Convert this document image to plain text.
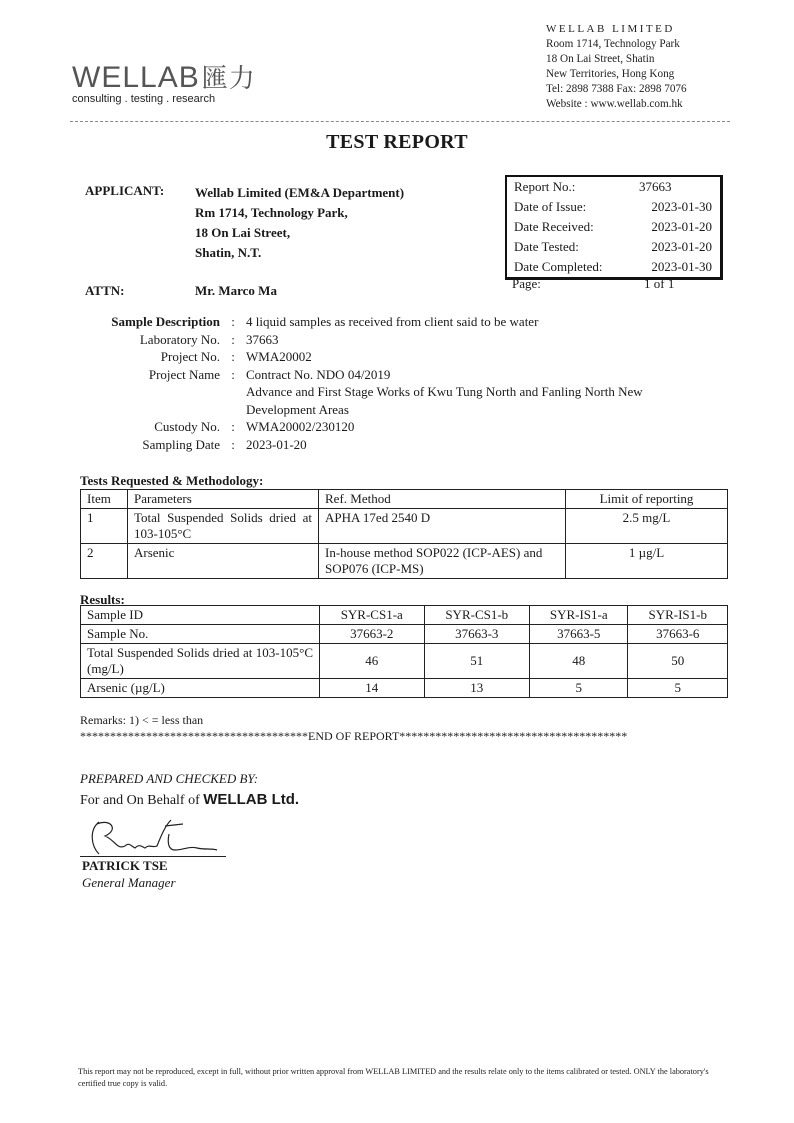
WELLAB匯力
consulting . testing . research
WELLAB LIMITED
Room 1714, Technology Park
18 On Lai Street, Shatin
New Territories, Hong Kong
Tel: 2898 7388 Fax: 2898 7076
Website : www.wellab.com.hk
TEST REPORT
APPLICANT: Wellab Limited (EM&A Department)
Rm 1714, Technology Park,
18 On Lai Street,
Shatin, N.T.
ATTN:	Mr. Marco Ma
Report No.:	37663
Date of Issue:	2023-01-30
Date Received:	2023-01-20
Date Tested:	2023-01-20
Date Completed:	2023-01-30
Page:	1 of 1
Sample Description : 4 liquid samples as received from client said to be water
Laboratory No. : 37663
Project No. : WMA20002
Project Name : Contract No. NDO 04/2019
Advance and First Stage Works of Kwu Tung North and Fanling North New
Development Areas
Custody No. : WMA20002/230120
Sampling Date : 2023-01-20
Tests Requested & Methodology:
Item	Parameters	Ref. Method	Limit of reporting
1	Total Suspended Solids dried at 103-105°C	APHA 17ed 2540 D	2.5 mg/L
2	Arsenic	In-house method SOP022 (ICP-AES) and SOP076 (ICP-MS)	1 µg/L
Results:
Sample ID	SYR-CS1-a	SYR-CS1-b	SYR-IS1-a	SYR-IS1-b
Sample No.	37663-2	37663-3	37663-5	37663-6
Total Suspended Solids dried at 103-105°C (mg/L)	46	51	48	50
Arsenic (µg/L)	14	13	5	5
Remarks: 1) < = less than
**************************************END OF REPORT**************************************
PREPARED AND CHECKED BY:
For and On Behalf of WELLAB Ltd.
PATRICK TSE
General Manager
This report may not be reproduced, except in full, without prior written approval from WELLAB LIMITED and the results relate only to the items calibrated or tested. ONLY the laboratory's certified true copy is valid.
